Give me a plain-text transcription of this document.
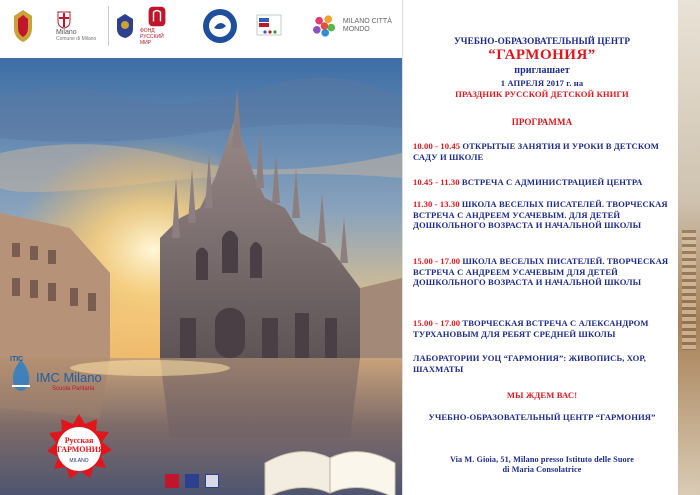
Milano
Comune di Milano
ФОНД РУССКИЙ МИР
MILANO CITTÀ MONDO
ITIC
IMC Milano
Scuola Paritaria
Русская ГАРМОНИЯ
MILANO
УЧЕБНО-ОБРАЗОВАТЕЛЬНЫЙ ЦЕНТР
“ГАРМОНИЯ”
приглашает
1 АПРЕЛЯ 2017 г. на
ПРАЗДНИК РУССКОЙ ДЕТСКОЙ КНИГИ
ПРОГРАММА
10.00 - 10.45 ОТКРЫТЫЕ ЗАНЯТИЯ И УРОКИ В ДЕТСКОМ САДУ И ШКОЛЕ
10.45 - 11.30 ВСТРЕЧА С АДМИНИСТРАЦИЕЙ ЦЕНТРА
11.30 - 13.30 ШКОЛА ВЕСЕЛЫХ ПИСАТЕЛЕЙ. ТВОРЧЕСКАЯ ВСТРЕЧА С АНДРЕЕМ УСАЧЕВЫМ. ДЛЯ ДЕТЕЙ ДОШКОЛЬНОГО ВОЗРАСТА И НАЧАЛЬНОЙ ШКОЛЫ
15.00 - 17.00 ШКОЛА ВЕСЕЛЫХ ПИСАТЕЛЕЙ. ТВОРЧЕСКАЯ ВСТРЕЧА С АНДРЕЕМ УСАЧЕВЫМ ДЛЯ ДЕТЕЙ ДОШКОЛЬНОГО ВОЗРАСТА И НАЧАЛЬНОЙ ШКОЛЫ
15.00 - 17.00 ТВОРЧЕСКАЯ ВСТРЕЧА С АЛЕКСАНДРОМ ТУРХАНОВЫМ ДЛЯ РЕБЯТ СРЕДНЕЙ ШКОЛЫ
ЛАБОРАТОРИИ УОЦ “ГАРМОНИЯ”: ЖИВОПИСЬ, ХОР, ШАХМАТЫ
МЫ ЖДЕМ ВАС!
УЧЕБНО-ОБРАЗОВАТЕЛЬНЫЙ ЦЕНТР “ГАРМОНИЯ”
Via M. Gioia, 51, Milano presso Istituto delle Suore
di Maria Consolatrice
